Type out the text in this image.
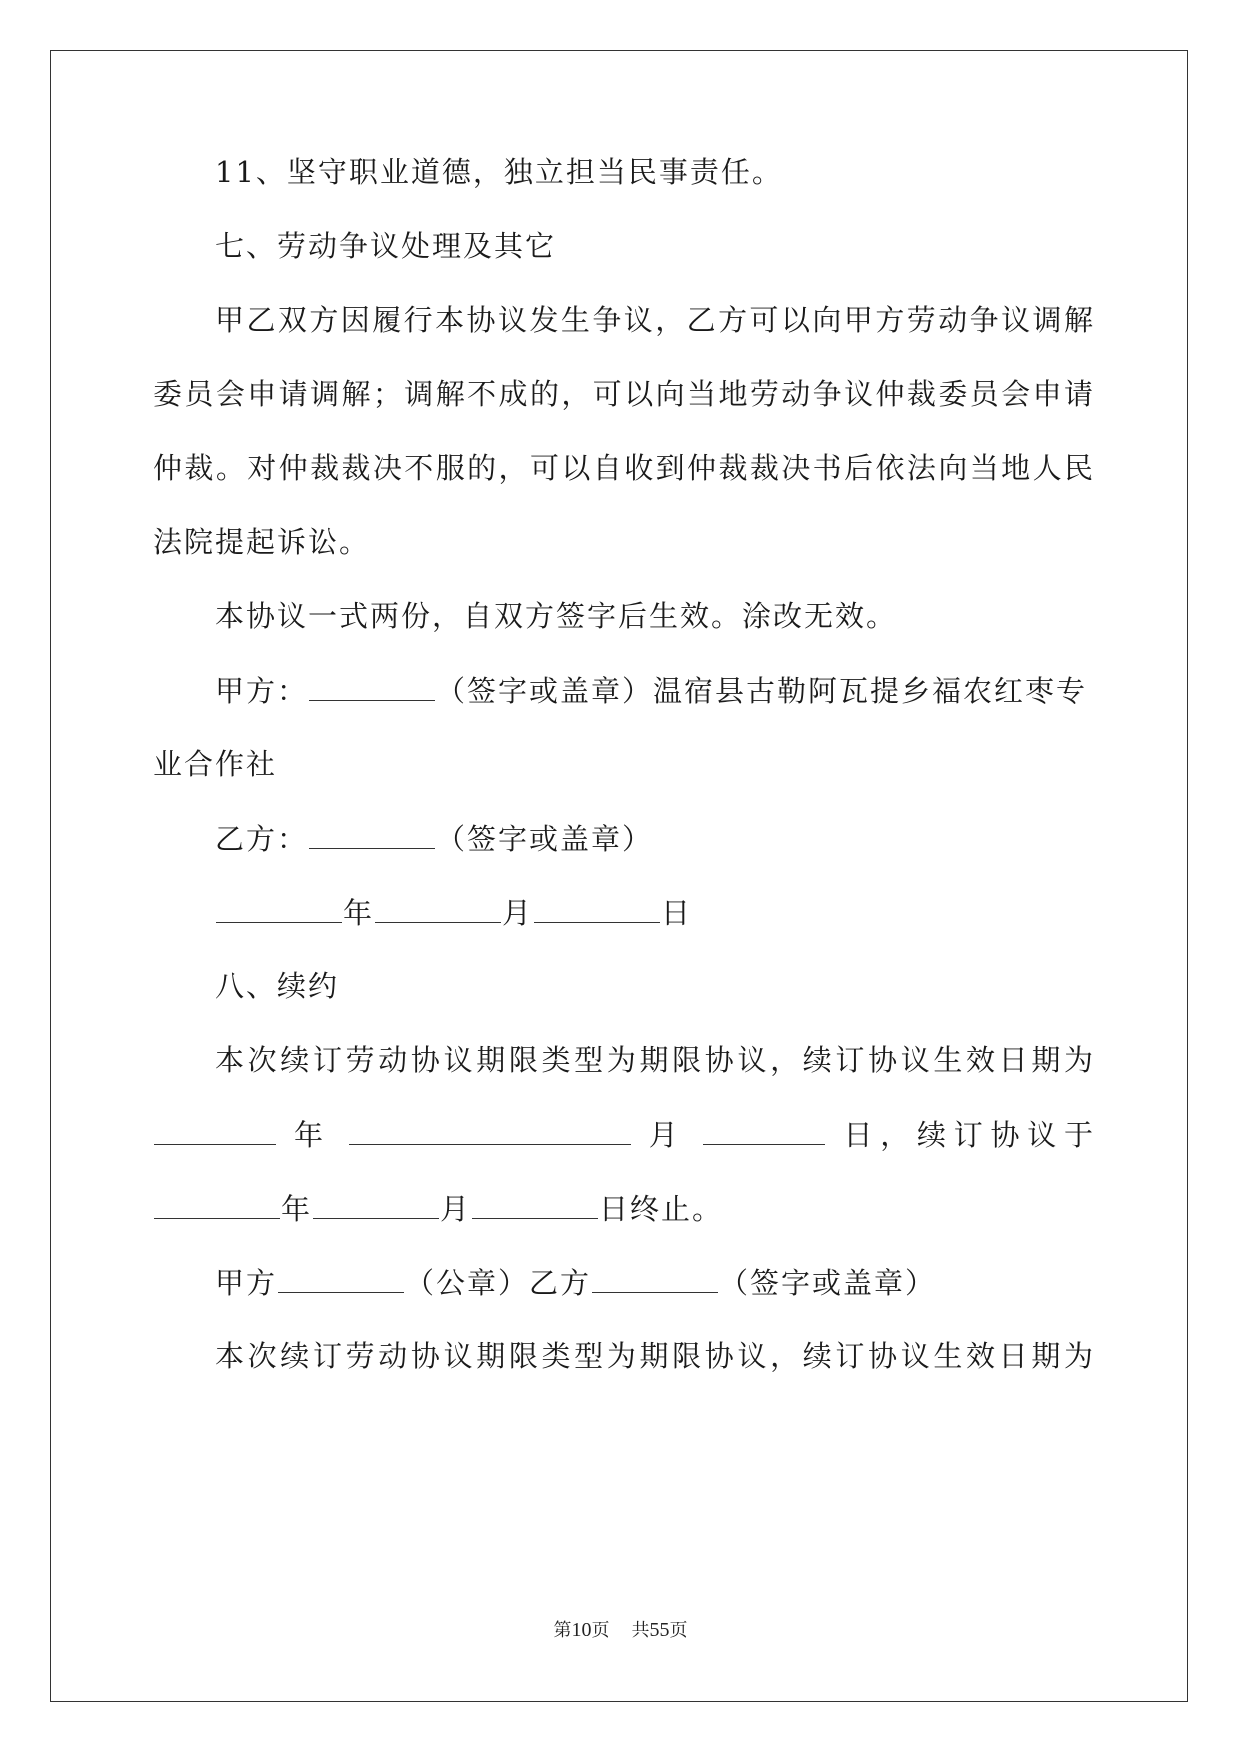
11、坚守职业道德，独立担当民事责任。
七、劳动争议处理及其它
甲乙双方因履行本协议发生争议，乙方可以向甲方劳动争议调解
委员会申请调解；调解不成的，可以向当地劳动争议仲裁委员会申请
仲裁。对仲裁裁决不服的，可以自收到仲裁裁决书后依法向当地人民
法院提起诉讼。
本协议一式两份，自双方签字后生效。涂改无效。
甲方：	（签字或盖章）温宿县古勒阿瓦提乡福农红枣专
业合作社
乙方：	（签字或盖章）
年	月	日
八、续约
本次续订劳动协议期限类型为期限协议，续订协议生效日期为
年	月	日，续订协议于
年	月	日终止。
甲方	（公章）乙方	（签字或盖章）
本次续订劳动协议期限类型为期限协议，续订协议生效日期为
第10页 共55页
